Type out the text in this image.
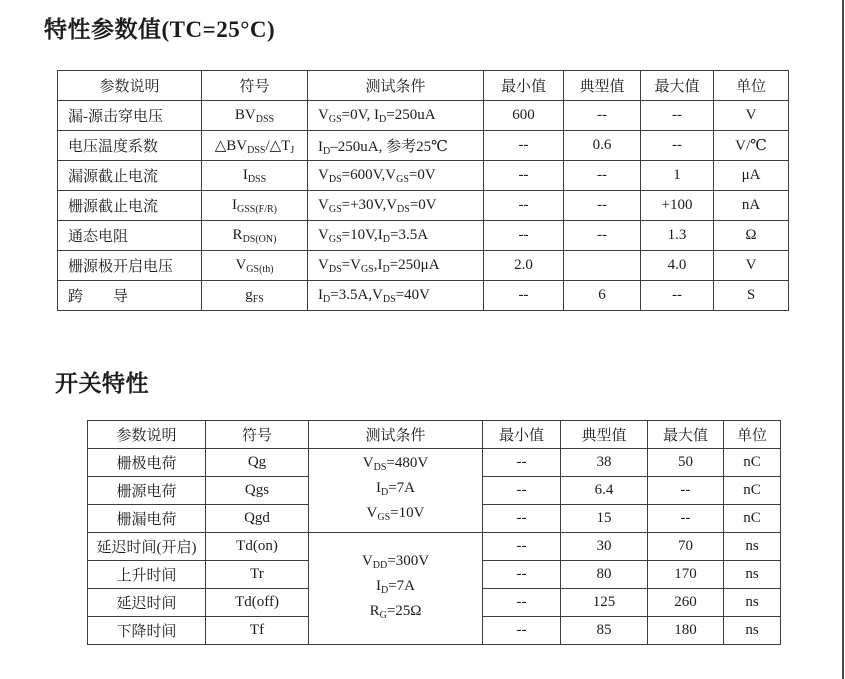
特性参数值(TC=25°C)
参数说明	符号	测试条件	最小值	典型值	最大值	单位
漏-源击穿电压	$BV_{DSS}$	$V_{GS}=0V$, $I_D=250uA$	600	--	--	V
电压温度系数	$\triangle BV_{DSS}/\triangle T_J$	$I_D-250uA$, 参考25℃	--	0.6	--	V/℃
漏源截止电流	$I_{DSS}$	$V_{DS}=600V,V_{GS}=0V$	--	--	1	μA
栅源截止电流	$I_{GSS(F/R)}$	$V_{GS}=+30V,V_{DS}=0V$	--	--	+100	nA
通态电阻	$R_{DS(ON)}$	$V_{GS}=10V,I_D=3.5A$	--	--	1.3	Ω
栅源极开启电压	$V_{GS(th)}$	$V_{DS}=V_{GS},I_D=250\mu A$	2.0		4.0	V
跨　　导	$g_{FS}$	$I_D=3.5A,V_{DS}=40V$	--	6	--	S
开关特性
参数说明	符号	测试条件	最小值	典型值	最大值	单位
栅极电荷	Qg	$V_{DS}=480V$
$I_D=7A$
$V_{GS}=10V$	--	38	50	nC
栅源电荷	Qgs		--	6.4	--	nC
栅漏电荷	Qgd		--	15	--	nC
延迟时间(开启)	Td(on)	$V_{DD}=300V$
$I_D=7A$
$R_G=25\Omega$	--	30	70	ns
上升时间	Tr		--	80	170	ns
延迟时间	Td(off)		--	125	260	ns
下降时间	Tf		--	85	180	ns
